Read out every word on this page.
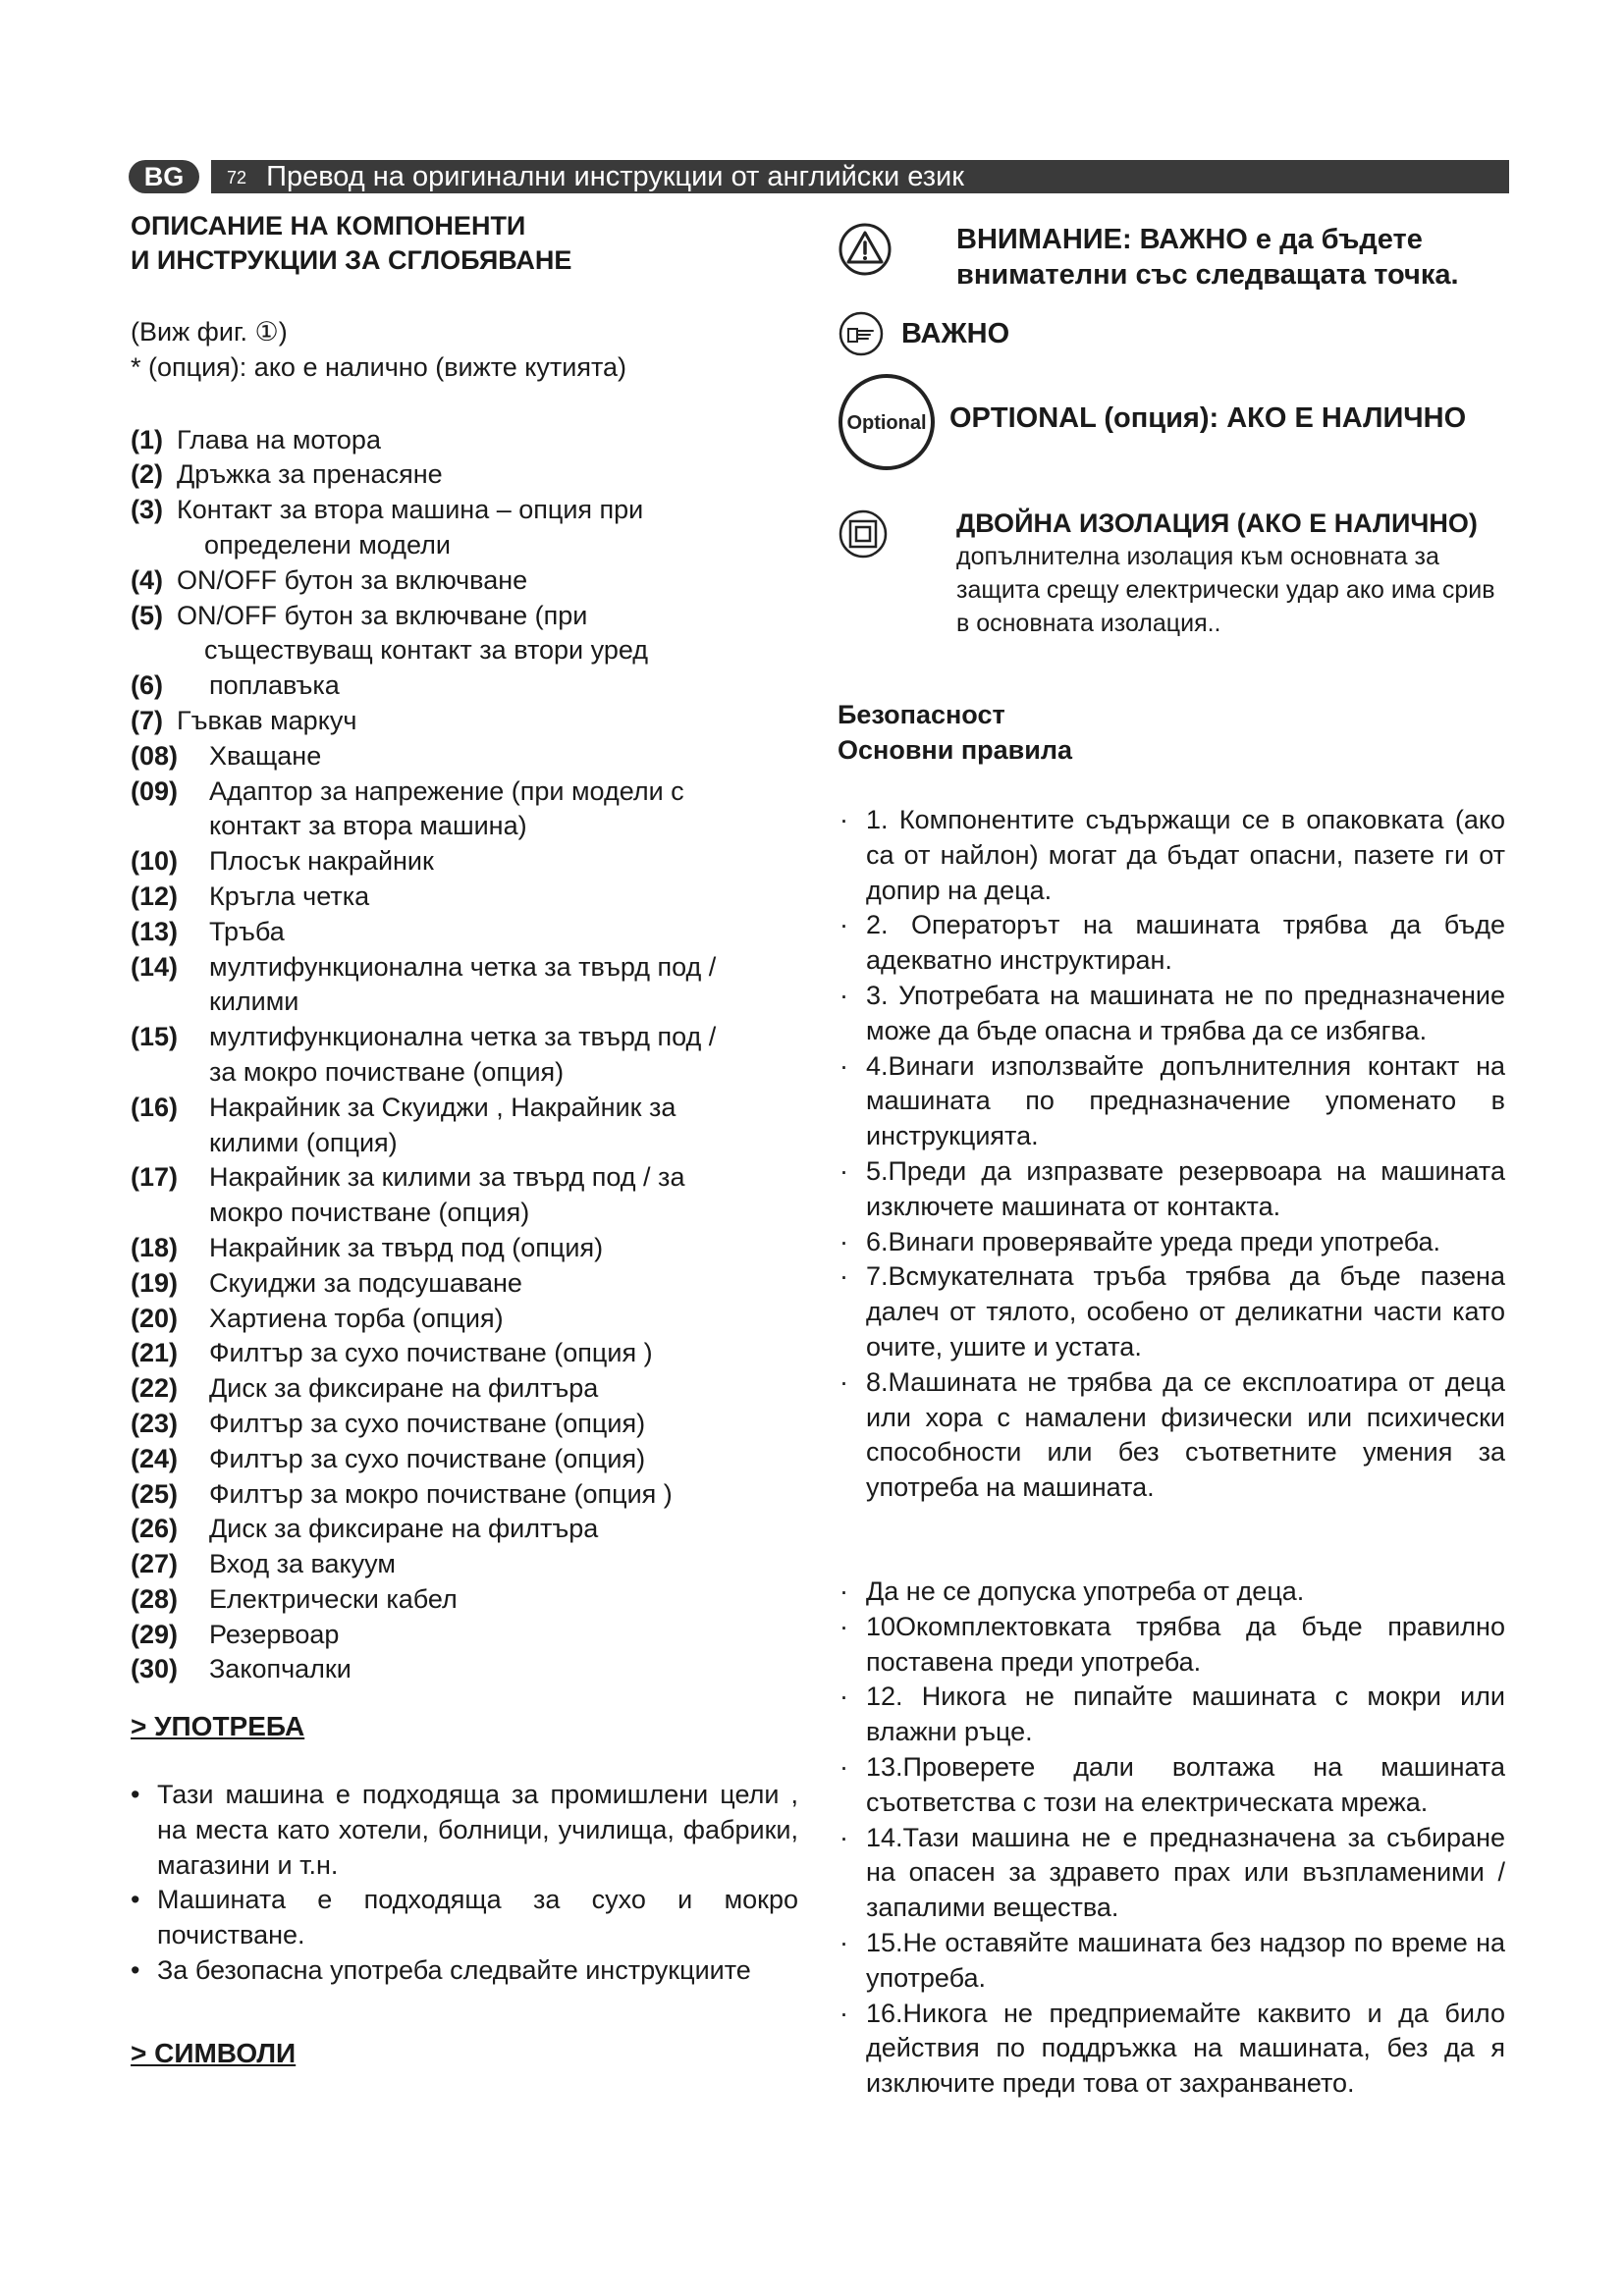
BG	72 Превод на оригинални инструкции от английски език
ОПИСАНИЕ НА КОМПОНЕНТИ
И ИНСТРУКЦИИ ЗА СГЛОБЯВАНЕ
(Виж фиг. ①)
* (опция): ако е налично (вижте кутията)
(1) Глава на мотора
(2) Дръжка за пренасяне
(3) Контакт за втора машина – опция при
определени модели
(4) ON/OFF бутон за включване
(5) ON/OFF бутон за включване (при
съществуващ контакт за втори уред
(6) поплавъка
(7) Гъвкав маркуч
(08) Хващане
(09) Адаптор за напрежение (при модели с
контакт за втора машина)
(10) Плосък накрайник
(12) Кръгла четка
(13) Тръба
(14) мултифункционална четка за твърд под /
килими
(15) мултифункционална четка за твърд под /
за мокро почистване (опция)
(16) Накрайник за Скуиджи , Накрайник за
килими (опция)
(17) Накрайник за килими за твърд под / за
мокро почистване (опция)
(18) Накрайник за твърд под (опция)
(19) Скуиджи за подсушаване
(20) Хартиена торба (опция)
(21) Филтър за сухо почистване (опция )
(22) Диск за фиксиране на филтъра
(23) Филтър за сухо почистване (опция)
(24) Филтър за сухо почистване (опция)
(25) Филтър за мокро почистване (опция )
(26) Диск за фиксиране на филтъра
(27) Вход за вакуум
(28) Електрически кабел
(29) Резервоар
(30) Закопчалки
> УПОТРЕБА
• Тази машина е подходяща за промишлени цели , на места като хотели, болници, училища, фабрики, магазини и т.н.
• Машината е подходяща за сухо и мокро почистване.
• За безопасна употреба следвайте инструкциите
> СИМВОЛИ
ВНИМАНИЕ: ВАЖНО е да бъдете
внимателни със следващата точка.
ВАЖНО
Optional OPTIONAL (опция): АКО Е НАЛИЧНО
ДВОЙНА ИЗОЛАЦИЯ (АКО Е НАЛИЧНО)
допълнителна изолация към основната за защита срещу електрически удар ако има срив в основната изолация..
Безопасност
Основни правила
· 1. Компонентите съдържащи се в опаковката (ако са от найлон) могат да бъдат опасни, пазете ги от допир на деца.
· 2. Операторът на машината трябва да бъде адекватно инструктиран.
· 3. Употребата на машината не по предназначение може да бъде опасна и трябва да се избягва.
· 4.Винаги използвайте допълнителния контакт на машината по предназначение упоменато в инструкцията.
· 5.Преди да изпразвате резервоара на машината изключете машината от контакта.
· 6.Винаги проверявайте уреда преди употреба.
· 7.Всмукателната тръба трябва да бъде пазена далеч от тялото, особено от деликатни части като очите, ушите и устата.
· 8.Машината не трябва да се експлоатира от деца или хора с намалени физически или психически способности или без съответните умения за употреба на машината.
· Да не се допуска употреба от деца.
· 10Окомплектовката трябва да бъде правилно поставена преди употреба.
· 12. Никога не пипайте машината с мокри или влажни ръце.
· 13.Проверете дали волтажа на машината съответства с този на електрическата мрежа.
· 14.Тази машина не е предназначена за събиране на опасен за здравето прах или възпламеними / запалими вещества.
· 15.Не оставяйте машината без надзор по време на употреба.
· 16.Никога не предприемайте каквито и да било действия по поддръжка на машината, без да я изключите преди това от захранването.
